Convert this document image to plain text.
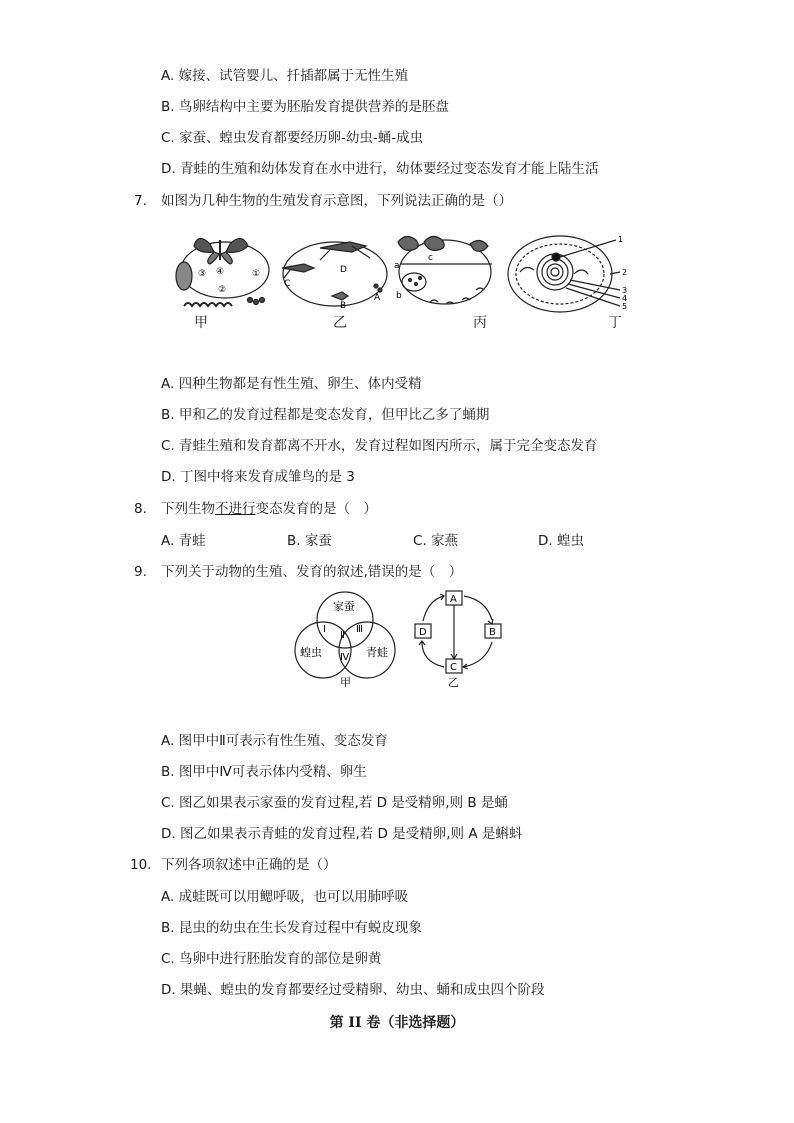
A. 嫁接、试管婴儿、扦插都属于无性生殖
B. 鸟卵结构中主要为胚胎发育提供营养的是胚盘
C. 家蚕、蝗虫发育都要经历卵-幼虫-蛹-成虫
D. 青蛙的生殖和幼体发育在水中进行，幼体要经过变态发育才能上陆生活
7. 如图为几种生物的生殖发育示意图，下列说法正确的是（）
③ ④	①
②
D
C
B
A
a
c
b
1
2
3
4
5
甲	乙	丙	丁
A. 四种生物都是有性生殖、卵生、体内受精
B. 甲和乙的发育过程都是变态发育，但甲比乙多了蛹期
C. 青蛙生殖和发育都离不开水，发育过程如图丙所示，属于完全变态发育
D. 丁图中将来发育成雏鸟的是 3
8. 下列生物不进行变态发育的是（　）
A. 青蛙	B. 家蚕	C. 家燕	D. 蝗虫
9. 下列关于动物的生殖、发育的叙述,错误的是（　）
家蚕
蝗虫	青蛙
Ⅰ
Ⅱ
Ⅲ
Ⅳ
甲
A
B
C
D
乙
A. 图甲中Ⅱ可表示有性生殖、变态发育
B. 图甲中Ⅳ可表示体内受精、卵生
C. 图乙如果表示家蚕的发育过程,若 D 是受精卵,则 B 是蛹
D. 图乙如果表示青蛙的发育过程,若 D 是受精卵,则 A 是蝌蚪
10. 下列各项叙述中正确的是（）
A. 成蛙既可以用鳃呼吸，也可以用肺呼吸
B. 昆虫的幼虫在生长发育过程中有蜕皮现象
C. 鸟卵中进行胚胎发育的部位是卵黄
D. 果蝇、蝗虫的发育都要经过受精卵、幼虫、蛹和成虫四个阶段
第 II 卷（非选择题）
